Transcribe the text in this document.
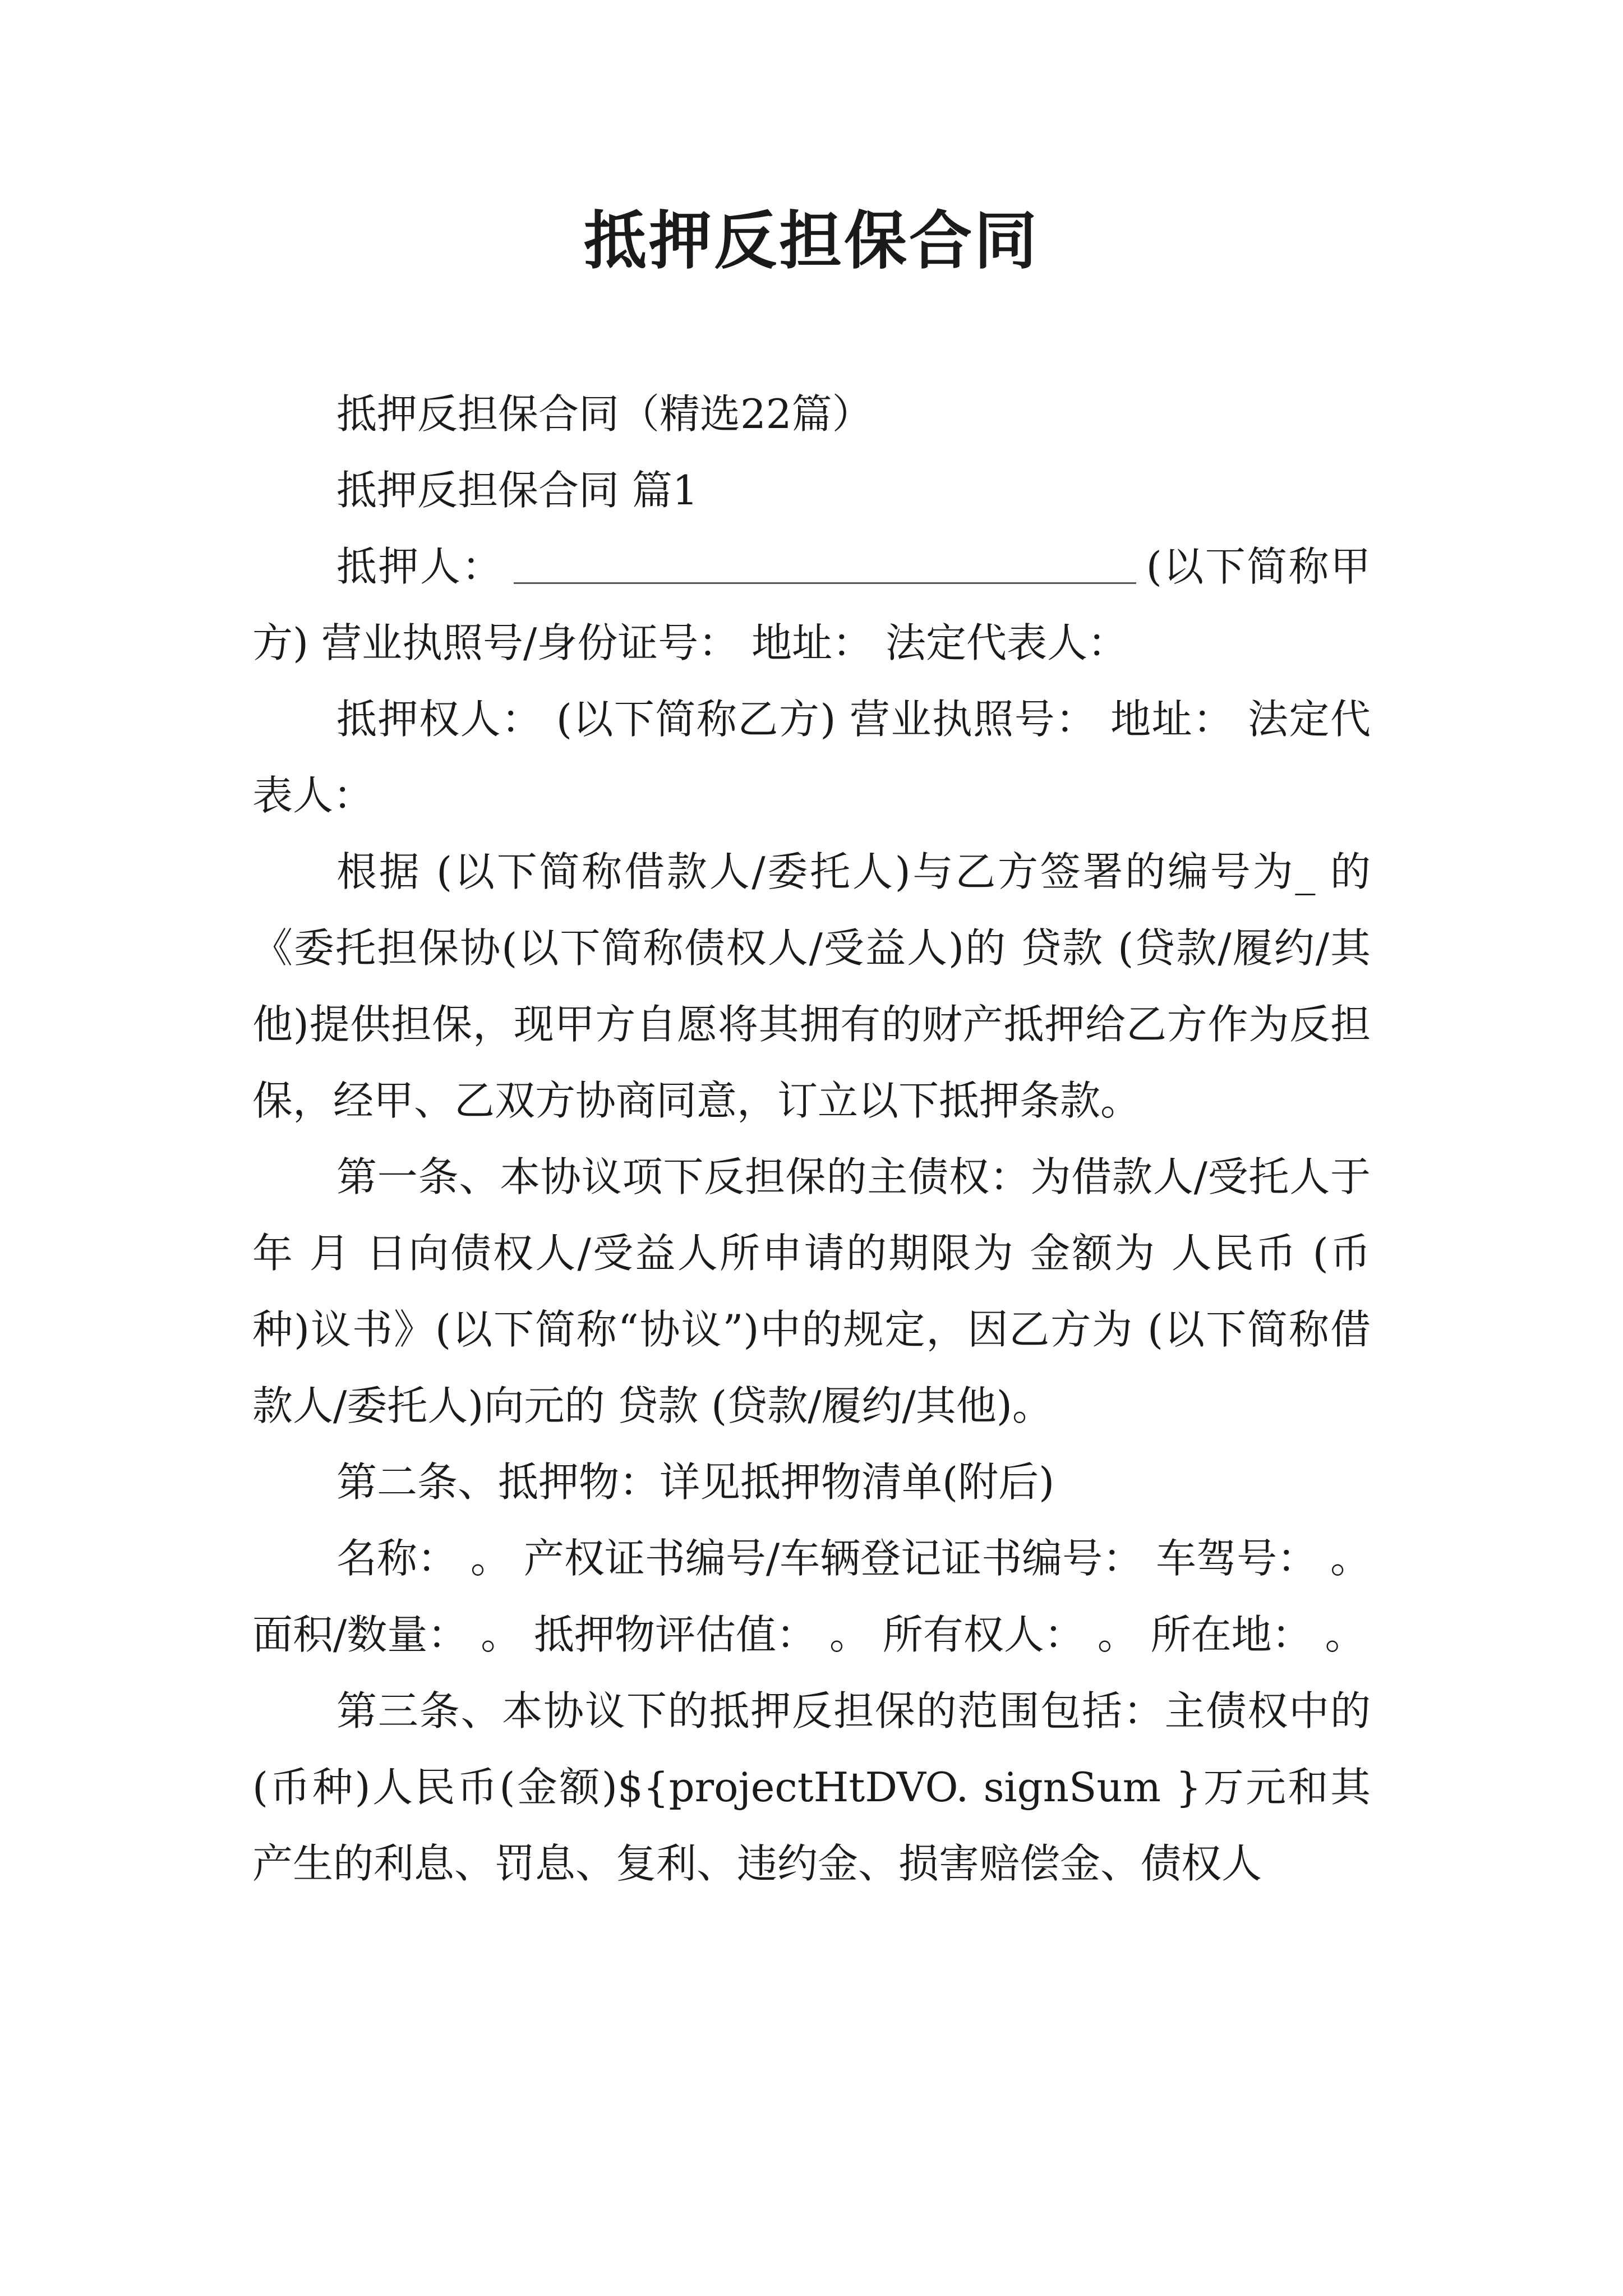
抵押反担保合同

抵押反担保合同（精选22篇）

抵押反担保合同 篇1

抵押人：	(以下简称甲方) 营业执照号/身份证号： 地址： 法定代表人：

抵押权人： (以下简称乙方) 营业执照号： 地址： 法定代表人：

根据 (以下简称借款人/委托人)与乙方签署的编号为_ 的《委托担保协(以下简称债权人/受益人)的 贷款 (贷款/履约/其他)提供担保，现甲方自愿将其拥有的财产抵押给乙方作为反担保，经甲、乙双方协商同意，订立以下抵押条款。

第一条、本协议项下反担保的主债权：为借款人/受托人于 年 月 日向债权人/受益人所申请的期限为 金额为 人民币 (币种)议书》(以下简称“协议”)中的规定，因乙方为 (以下简称借款人/委托人)向元的 贷款 (贷款/履约/其他)。

第二条、抵押物：详见抵押物清单(附后)

名称： 。 产权证书编号/车辆登记证书编号： 车驾号： 。 面积/数量： 。 抵押物评估值： 。 所有权人： 。 所在地： 。

第三条、本协议下的抵押反担保的范围包括：主债权中的(币种)人民币(金额)${projectHtDVO. signSum }万元和其产生的利息、罚息、复利、违约金、损害赔偿金、债权人
